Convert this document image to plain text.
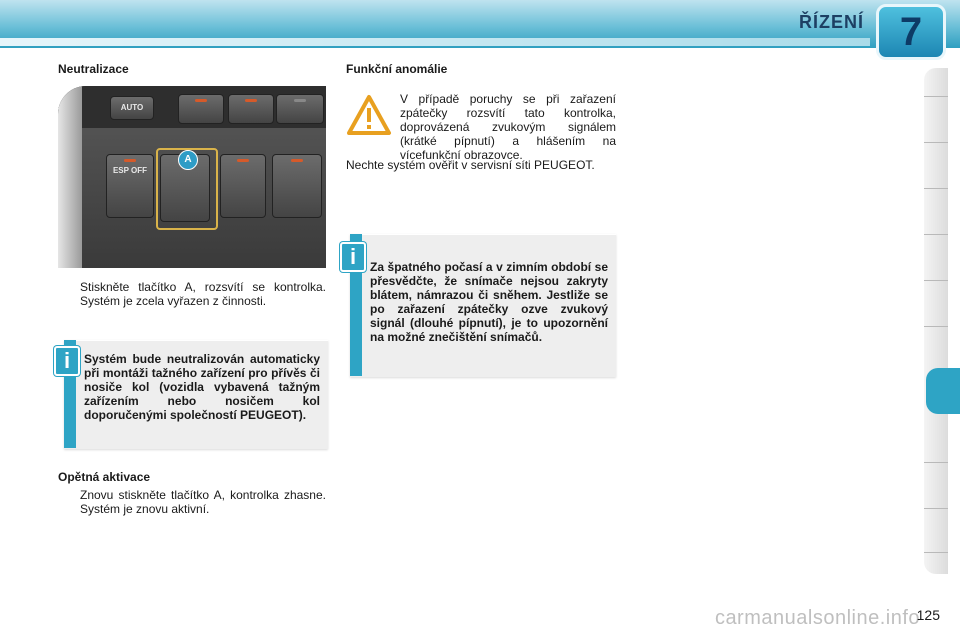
ŘÍZENÍ 7
Neutralizace
AUTO
ESP OFF
A
Stiskněte tlačítko A, rozsvítí se kontrolka. Systém je zcela vyřazen z činnosti.
i	Systém bude neutralizován automaticky při montáži tažného zařízení pro přívěs či nosiče kol (vozidla vybavená tažným zařízením nebo nosičem kol doporučenými společností PEUGEOT).
Opětná aktivace
Znovu stiskněte tlačítko A, kontrolka zhasne. Systém je znovu aktivní.
Funkční anomálie
V případě poruchy se při zařazení zpátečky rozsvítí tato kontrolka, doprovázená zvukovým signálem (krátké pípnutí) a hlášením na vícefunkční obrazovce.
Nechte systém ověřit v servisní síti PEUGEOT.
i	Za špatného počasí a v zimním období se přesvědčte, že snímače nejsou zakryty blátem, námrazou či sněhem. Jestliže se po zařazení zpátečky ozve zvukový signál (dlouhé pípnutí), je to upozornění na možné znečištění snímačů.
carmanualsonline.info
125
